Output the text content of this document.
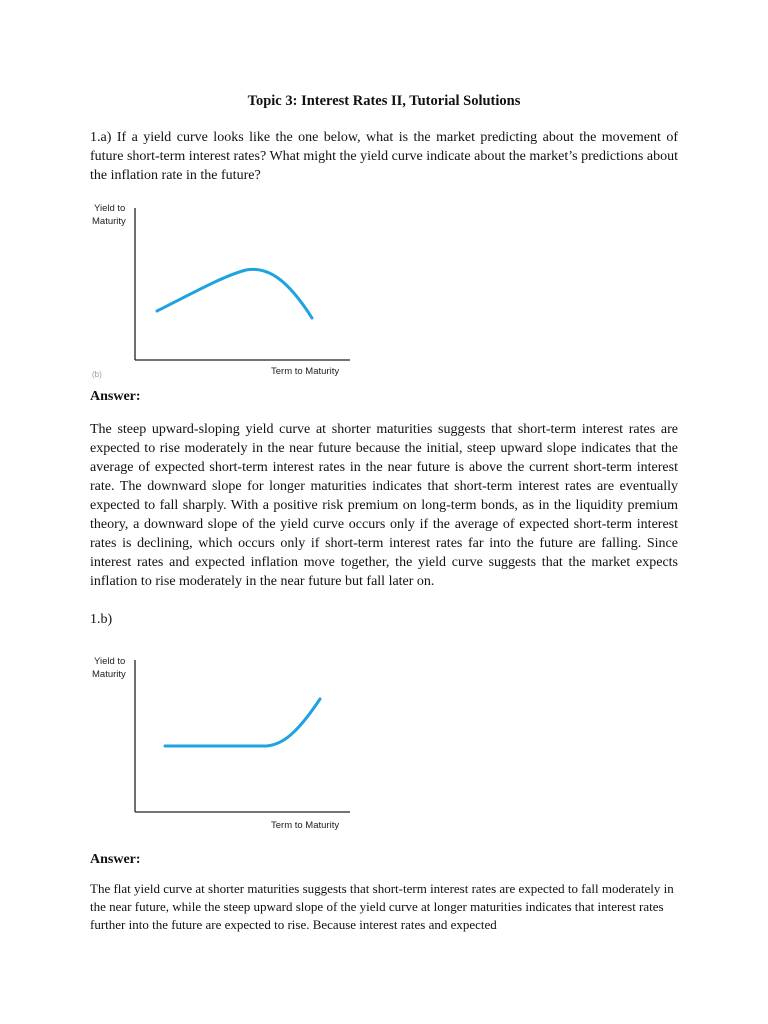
Topic 3: Interest Rates II, Tutorial Solutions

1.a) If a yield curve looks like the one below, what is the market predicting about the movement of future short-term interest rates? What might the yield curve indicate about the market’s predictions about the inflation rate in the future?

Yield to
Maturity
Term to Maturity
(b)
Answer:

The steep upward-sloping yield curve at shorter maturities suggests that short-term interest rates are expected to rise moderately in the near future because the initial, steep upward slope indicates that the average of expected short-term interest rates in the near future is above the current short-term interest rate. The downward slope for longer maturities indicates that short-term interest rates are eventually expected to fall sharply. With a positive risk premium on long-term bonds, as in the liquidity premium theory, a downward slope of the yield curve occurs only if the average of expected short-term interest rates is declining, which occurs only if short-term interest rates far into the future are falling. Since interest rates and expected inflation move together, the yield curve suggests that the market expects inflation to rise moderately in the near future but fall later on.

1.b)
Yield to
Maturity
Term to Maturity
Answer:

The flat yield curve at shorter maturities suggests that short-term interest rates are expected to fall moderately in the near future, while the steep upward slope of the yield curve at longer maturities indicates that interest rates further into the future are expected to rise. Because interest rates and expected
